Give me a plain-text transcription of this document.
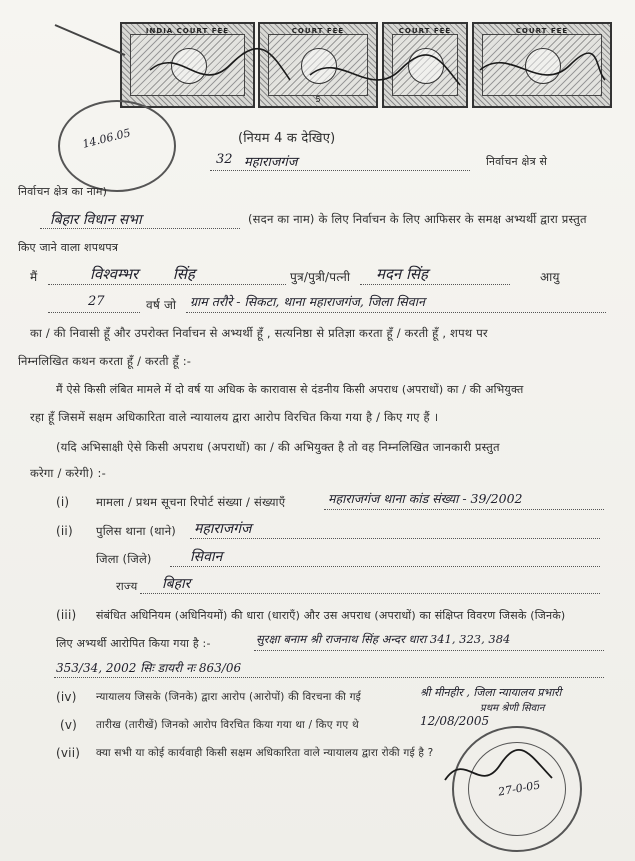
INDIA COURT FEE	COURT FEE
5
COURT FEE	COURT FEE
14.06.05	(नियम 4 क देखिए)
32 महाराजगंज	निर्वाचन क्षेत्र से
निर्वाचन क्षेत्र का नाम)
बिहार विधान सभा	(सदन का नाम) के लिए निर्वाचन के लिए आफिसर के समक्ष अभ्यर्थी द्वारा प्रस्तुत
किए जाने वाला शपथपत्र
मैं	विश्वम्भर सिंह	पुत्र/पुत्री/पत्नी मदन सिंह	आयु
27	वर्ष जो ग्राम तरौरे - सिकटा, थाना महाराजगंज, जिला सिवान
का / की निवासी हूँ और उपरोक्त निर्वाचन से अभ्यर्थी हूँ , सत्यनिष्ठा से प्रतिज्ञा करता हूँ / करती हूँ , शपथ पर
निम्नलिखित कथन करता हूँ / करती हूँ :-
मैं ऐसे किसी लंबित मामले में दो वर्ष या अधिक के कारावास से दंडनीय किसी अपराध (अपराधों) का / की अभियुक्त
रहा हूँ जिसमें सक्षम अधिकारिता वाले न्यायालय द्वारा आरोप विरचित किया गया है / किए गए हैं ।
(यदि अभिसाक्षी ऐसे किसी अपराध (अपराधों) का / की अभियुक्त है तो वह निम्नलिखित जानकारी प्रस्तुत
करेगा / करेगी) :-
(i) मामला / प्रथम सूचना रिपोर्ट संख्या / संख्याएँ	महाराजगंज थाना कांड संख्या - 39/2002
(ii) पुलिस थाना (थाने) महाराजगंज
जिला (जिले)	सिवान
राज्य बिहार
(iii) संबंधित अधिनियम (अधिनियमों) की धारा (धाराएँ) और उस अपराध (अपराधों) का संक्षिप्त विवरण जिसके (जिनके)
लिए अभ्यर्थी आरोपित किया गया है :-	सुरक्षा बनाम श्री राजनाथ सिंह अन्दर धारा 341, 323, 384
353/34, 2002 सिः डायरी नः 863/06
(iv) न्यायालय जिसके (जिनके) द्वारा आरोप (आरोपों) की विरचना की गई	श्री मीनहीर , जिला न्यायालय प्रभारी
प्रथम श्रेणी सिवान
(v) तारीख (तारीखें) जिनको आरोप विरचित किया गया था / किए गए थे	12/08/2005
(vii) क्या सभी या कोई कार्यवाही किसी सक्षम अधिकारिता वाले न्यायालय द्वारा रोकी गई है ?
27-0-05
